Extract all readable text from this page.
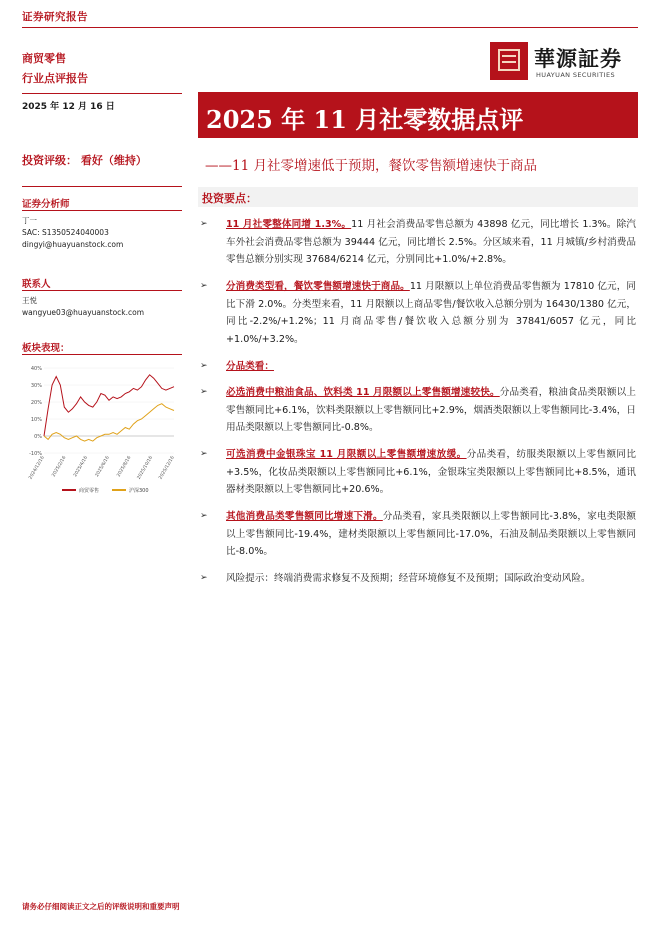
证券研究报告
商贸零售
行业点评报告
華源証券
HUAYUAN SECURITIES
2025 年 12 月 16 日	2025 年 11 月社零数据点评
投资评级： 看好（维持）	——11 月社零增速低于预期，餐饮零售额增速快于商品
证券分析师
丁一
SAC: S1350524040003
dingyi@huayuanstock.com
联系人
王悦
wangyue03@huayuanstock.com
板块表现：
40%
30%
20%
10%
0%
-10%
2024/12/16 2025/2/16 2025/4/16 2025/6/16 2025/8/16 2025/10/16 2025/12/16
商贸零售	沪深300
投资要点：
➢ 11 月社零整体同增 1.3%。11 月社会消费品零售总额为 43898 亿元，同比增长 1.3%。除汽车外社会消费品零售总额为 39444 亿元，同比增长 2.5%。分区域来看，11 月城镇/乡村消费品零售总额分别实现 37684/6214 亿元，分别同比+1.0%/+2.8%。
➢ 分消费类型看，餐饮零售额增速快于商品。11 月限额以上单位消费品零售额为 17810 亿元，同比下滑 2.0%。分类型来看，11 月限额以上商品零售/餐饮收入总额分别为 16430/1380 亿元，同比-2.2%/+1.2%；11 月商品零售/餐饮收入总额分别为 37841/6057 亿元，同比+1.0%/+3.2%。
➢ 分品类看：
➢ 必选消费中粮油食品、饮料类 11 月限额以上零售额增速较快。分品类看，粮油食品类限额以上零售额同比+6.1%，饮料类限额以上零售额同比+2.9%，烟酒类限额以上零售额同比-3.4%，日用品类限额以上零售额同比-0.8%。
➢ 可选消费中金银珠宝 11 月限额以上零售额增速放缓。分品类看，纺服类限额以上零售额同比+3.5%，化妆品类限额以上零售额同比+6.1%，金银珠宝类限额以上零售额同比+8.5%，通讯器材类限额以上零售额同比+20.6%。
➢ 其他消费品类零售额同比增速下滑。分品类看，家具类限额以上零售额同比-3.8%，家电类限额以上零售额同比-19.4%，建材类限额以上零售额同比-17.0%，石油及制品类限额以上零售额同比-8.0%。
➢ 风险提示：终端消费需求修复不及预期；经营环境修复不及预期；国际政治变动风险。
请务必仔细阅读正文之后的评级说明和重要声明
